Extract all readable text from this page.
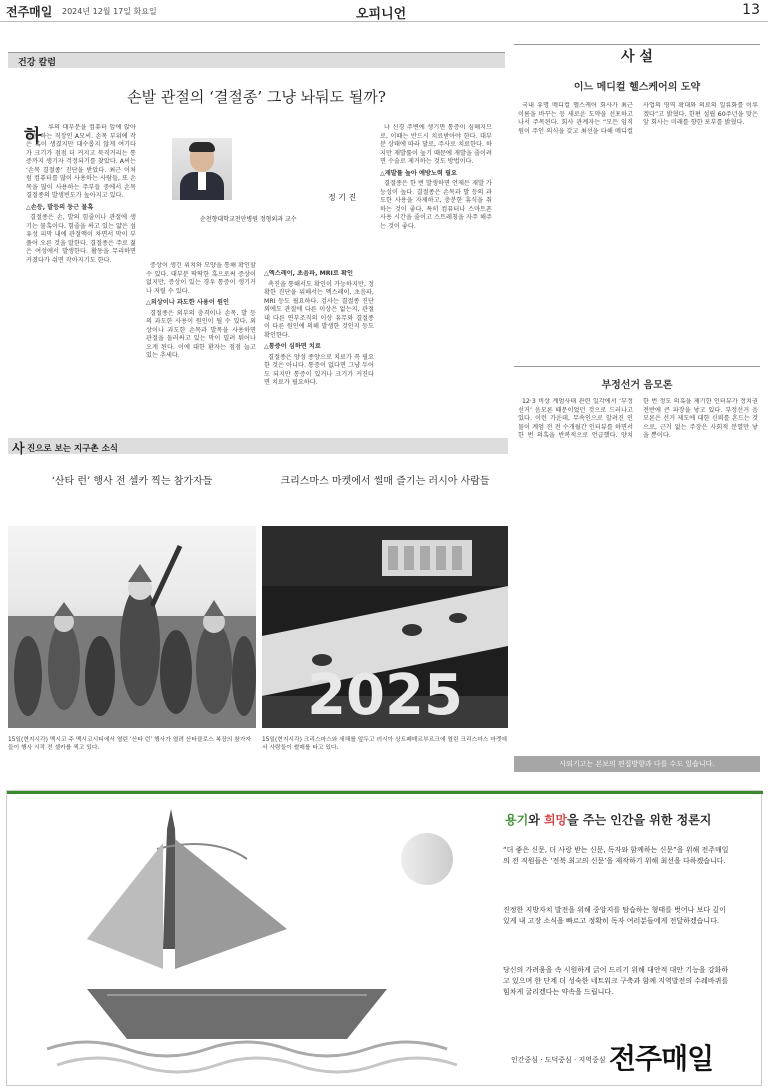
전주매일 2024년 12월 17일 화요일	오피니언	13
건강 칼럼
손발 관절의 ‘결절종’ 그냥 놔둬도 될까?
하	루의 대부분을 컴퓨터 앞에 앉아 일을 하는 직장인 A모씨. 손목 부위에 작은 혹이 생겼지만 대수롭지 않게 여기다가 크기가 점점 더 커지고 묵직거리는 통증까지 생기자 걱정되기를 찾았다. A씨는 ‘손목 결절종’ 진단을 받았다. 최근 이처럼 컴퓨터를 많이 사용하는 사람들, 또 손목을 많이 사용하는 주부들 중에서 손목 결절종의 발생빈도가 높아지고 있다.

△손등, 발등의 둥근 물혹

결절종은 손, 발의 힘줄이나 관절에 생기는 물혹이다. 힘줄을 싸고 있는 얇은 섬유성 피막 내에 관절액이 차면서 막이 부풀어 오른 것을 말한다. 결절종은 주로 젊은 여성에서 발생한다. 활동을 무리하면 커졌다가 쉬면 작아지기도 한다.

정 기 진
순천향대학교천안병원 정형외과 교수

증상이 생긴 위치와 모양을 통해 확인할 수 있다. 대부분 딱딱한 혹으로써 증상이 없지만, 증상이 있는 경우 통증이 생기거나 저릴 수 있다.

△외상이나 과도한 사용이 원인

결절종은 외부의 충격이나 손목, 발 등의 과도한 사용이 원인이 될 수 있다. 외상이나 과도한 손목과 발목을 사용하면 관절을 둘러싸고 있는 막이 밀려 튀어나오게 된다. 이에 대한 환자는 점점 늘고 있는 추세다.

△엑스레이, 초음파, MRI로 확인

촉진을 통해서도 확인이 가능하지만, 정확한 진단을 위해서는 엑스레이, 초음파, MRI 등도 필요하다. 검사는 결절종 진단 외에도 관절에 다른 이상은 없는지, 관절 내 다른 연부조직의 이상 유무와 결절종이 다른 원인에 의해 발생한 것인지 등도 확인한다.

△통증이 심하면 치료

결절종은 양성 종양으로 치료가 꼭 필요한 것은 아니다. 통증이 없다면 그냥 두어도 되지만 통증이 있거나 크기가 커진다면 치료가 필요하다.

나 신경 주변에 생기면 통증이 심해지므로, 이때는 반드시 치료받아야 한다. 대부분 상태에 따라 달로, 주사로 치료한다. 하지만 재발률이 높기 때문에 재발을 줄이려면 수술로 제거하는 것도 방법이다.

△재발률 높아 예방노력 필요

결절종은 한 번 발생하면 언제든 재발 가능성이 높다. 결절종은 손목과 발 등의 과도한 사용을 자제하고, 충분한 휴식을 취하는 것이 좋다. 특히 컴퓨터나 스마트폰 사용 시간을 줄이고 스트레칭을 자주 해주는 것이 좋다.

사 진으로 보는 지구촌 소식
‘산타 런’ 행사 전 셀카 찍는 참가자들
15일(현지시각) 멕시코 주 멕시코시티에서 열린 ‘산타 런’ 행사가 열려 산타클로스 복장의 참가자들이 행사 시작 전 셀카를 찍고 있다.
크리스마스 마켓에서 썰매 즐기는 러시아 사람들
2025
15일(현지시각) 크리스마스와 새해를 앞두고 러시아 상트페테르부르크에 열린 크리스마스 마켓에서 사람들이 썰매를 타고 있다.
사 설
이느 메디컬 헬스케어의 도약

국내 유명 메디컬 헬스케어 회사가 최근 이름을 바꾸는 등 새로운 도약을 선포하고 나서 주목된다. 회사 관계자는 “모든 임직원이 주인 의식을 갖고 최선을 다해 메디컬 사업의 영역 확대와 의료의 일류화를 이루겠다”고 밝혔다. 한편 설립 60주년을 맞은 앞 회사는 미래를 향한 포부를 밝혔다.

부정선거 음모론

12·3 비상 계엄사태 관련 일각에서 ‘부정선거’ 음모론 때문이었던 것으로 드러나고 있다. 이런 가운데, 무속인으로 알려진 인물이 계엄 전 전 수개월간 인터뷰를 하면서 한 번 의혹을 반복적으로 언급했다. 양치 한 번 정도 의혹을 제기한 인터뷰가 정치권 전반에 큰 파장을 낳고 있다. 부정선거 음모론은 선거 제도에 대한 신뢰를 흔드는 것으로, 근거 없는 주장은 사회적 분열만 낳을 뿐이다.

사외기고는 본보의 편집방향과 다를 수도 있습니다.
용기와 희망을 주는 인간을 위한 정론지
“더 좋은 신문, 더 사랑 받는 신문, 독자와 함께하는 신문”을 위해 전주매일의 전 직원들은 ‘전북 최고의 신문’을 제작하기 위해 최선을 다하겠습니다.
진정한 지방자치 발전을 위해 중앙지를 탐습하는 형태를 벗어나 보다 깊이 있게 내 고장 소식을 빠르고 정확히 독자 여러분들에게 전달하겠습니다.
당신의 가려움을 속 시원하게 긁어 드리기 위해 대안적 대안 기능을 강화하고 있으며 한 단계 더 성숙한 네트워크 구축과 함께 지역발전의 수레바퀴를 힘차게 굴리겠다는 약속을 드립니다.
인간중심 · 도덕중심 · 지역중심 전주매일
